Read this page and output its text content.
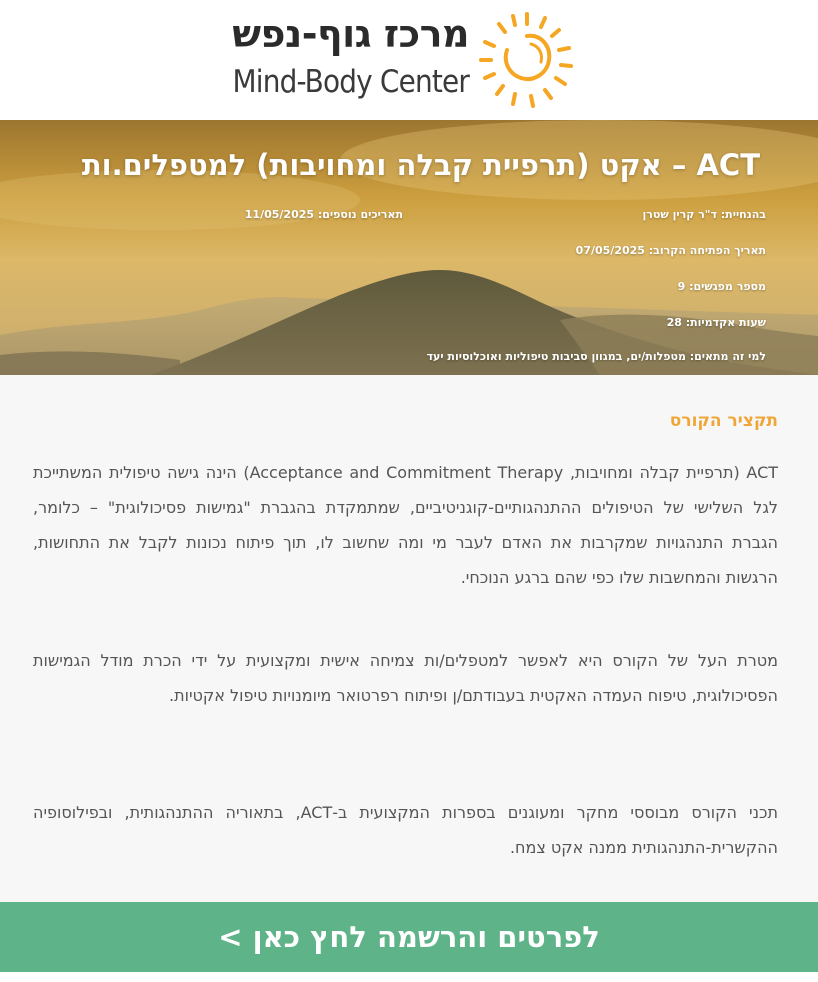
מרכז גוף-נפש
Mind-Body Center
ACT – אקט (תרפיית קבלה ומחויבות) למטפלים.ות
בהנחיית: ד"ר קרין שטרן
תאריכים נוספים: 11/05/2025
תאריך הפתיחה הקרוב: 07/05/2025
מספר מפגשים: 9
שעות אקדמיות: 28
למי זה מתאים: מטפלות/ים, במגוון סביבות טיפוליות ואוכלוסיות יעד
תקציר הקורס
ACT (תרפיית קבלה ומחויבות, Acceptance and Commitment Therapy) הינה גישה טיפולית המשתייכת לגל השלישי של הטיפולים ההתנהגותיים-קוגניטיביים, שמתמקדת בהגברת "גמישות פסיכולוגית" – כלומר, הגברת התנהגויות שמקרבות את האדם לעבר מי ומה שחשוב לו, תוך פיתוח נכונות לקבל את התחושות, הרגשות והמחשבות שלו כפי שהם ברגע הנוכחי.
מטרת העל של הקורס היא לאפשר למטפלים/ות צמיחה אישית ומקצועית על ידי הכרת מודל הגמישות הפסיכולוגית, טיפוח העמדה האקטית בעבודתם/ן ופיתוח רפרטואר מיומנויות טיפול אקטיות.
תכני הקורס מבוססי מחקר ומעוגנים בספרות המקצועית ב-ACT, בתאוריה ההתנהגותית, ובפילוסופיה ההקשרית-התנהגותית ממנה אקט צמח.
לפרטים והרשמה לחץ כאן >
